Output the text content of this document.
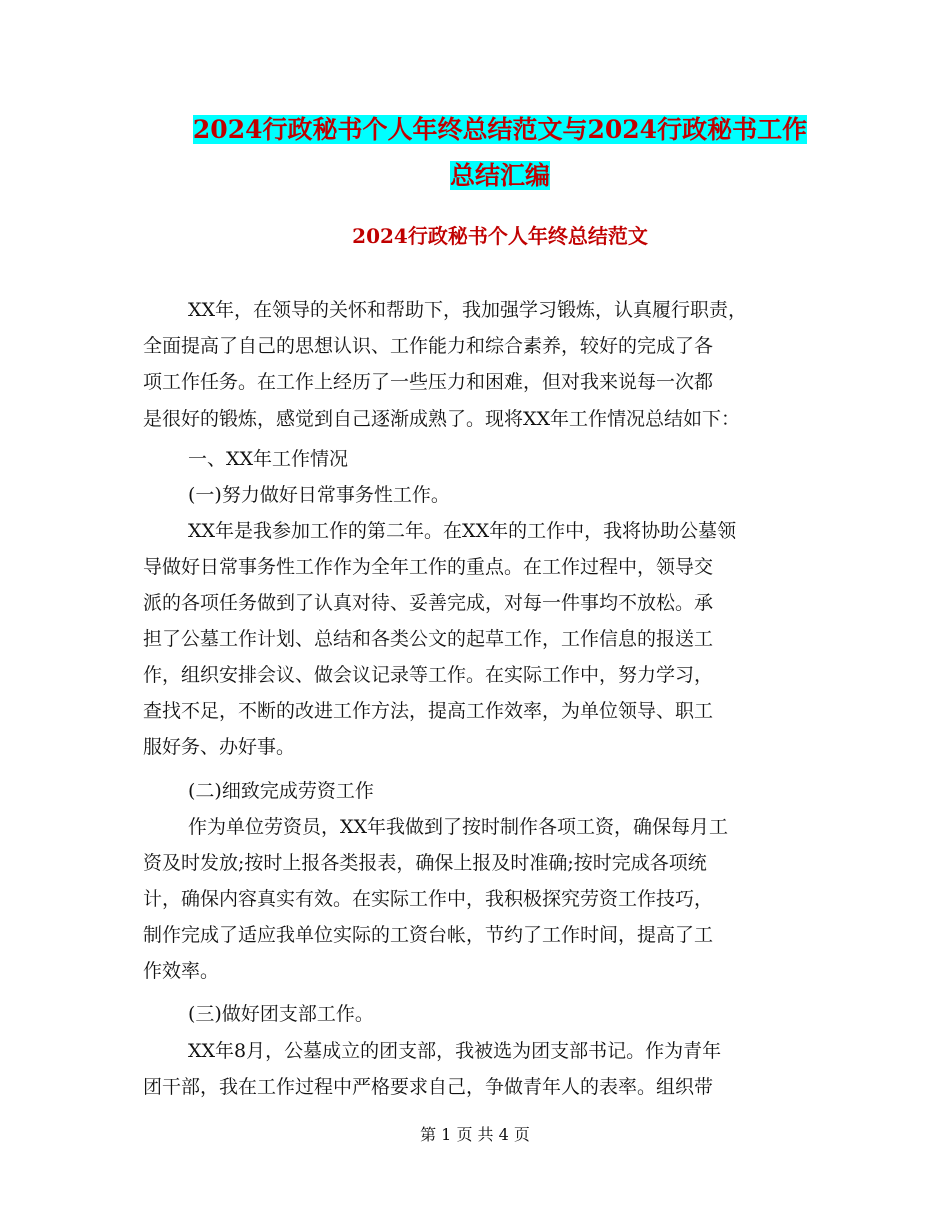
2024行政秘书个人年终总结范文与2024行政秘书工作
总结汇编
2024行政秘书个人年终总结范文
XX年，在领导的关怀和帮助下，我加强学习锻炼，认真履行职责，
全面提高了自己的思想认识、工作能力和综合素养，较好的完成了各
项工作任务。在工作上经历了一些压力和困难，但对我来说每一次都
是很好的锻炼，感觉到自己逐渐成熟了。现将XX年工作情况总结如下：
一、XX年工作情况
(一)努力做好日常事务性工作。
XX年是我参加工作的第二年。在XX年的工作中，我将协助公墓领
导做好日常事务性工作作为全年工作的重点。在工作过程中，领导交
派的各项任务做到了认真对待、妥善完成，对每一件事均不放松。承
担了公墓工作计划、总结和各类公文的起草工作，工作信息的报送工
作，组织安排会议、做会议记录等工作。在实际工作中，努力学习，
查找不足，不断的改进工作方法，提高工作效率，为单位领导、职工
服好务、办好事。
(二)细致完成劳资工作
作为单位劳资员，XX年我做到了按时制作各项工资，确保每月工
资及时发放;按时上报各类报表，确保上报及时准确;按时完成各项统
计，确保内容真实有效。在实际工作中，我积极探究劳资工作技巧，
制作完成了适应我单位实际的工资台帐，节约了工作时间，提高了工
作效率。
(三)做好团支部工作。
XX年8月，公墓成立的团支部，我被选为团支部书记。作为青年
团干部，我在工作过程中严格要求自己，争做青年人的表率。组织带
第 1 页 共 4 页
